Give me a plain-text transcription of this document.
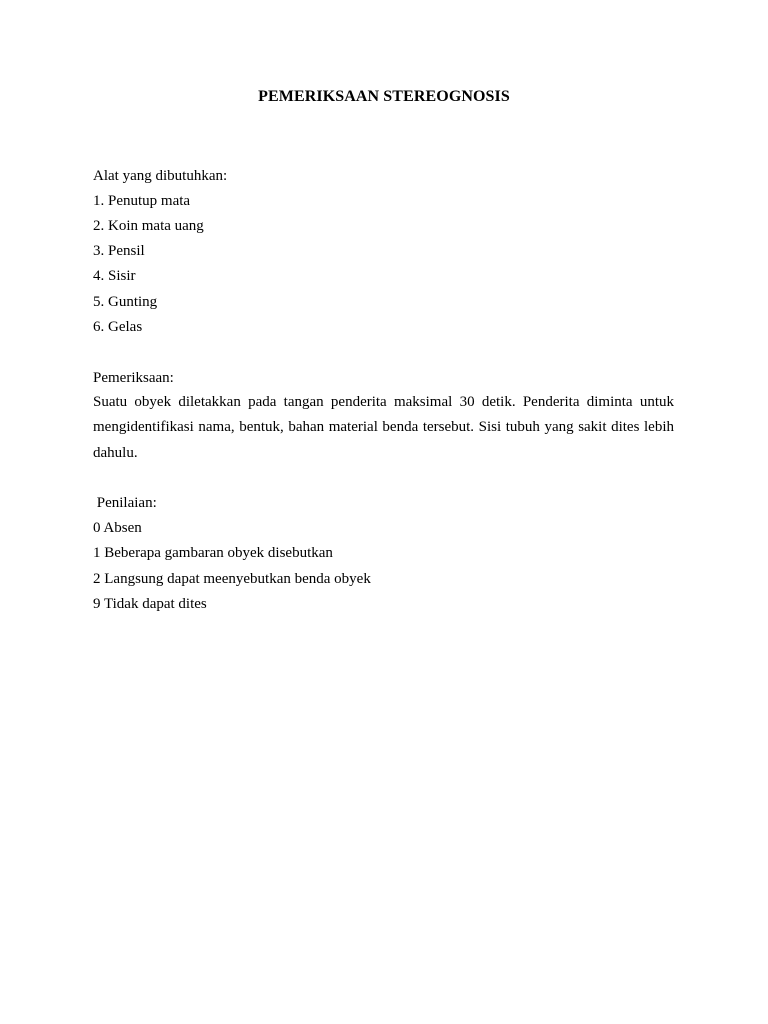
PEMERIKSAAN STEREOGNOSIS
Alat yang dibutuhkan:
1. Penutup mata
2. Koin mata uang
3. Pensil
4. Sisir
5. Gunting
6. Gelas
Pemeriksaan:
Suatu obyek diletakkan pada tangan penderita maksimal 30 detik. Penderita diminta untuk mengidentifikasi nama, bentuk, bahan material benda tersebut. Sisi tubuh yang sakit dites lebih dahulu.
Penilaian:
0 Absen
1 Beberapa gambaran obyek disebutkan
2 Langsung dapat meenyebutkan benda obyek
9 Tidak dapat dites
